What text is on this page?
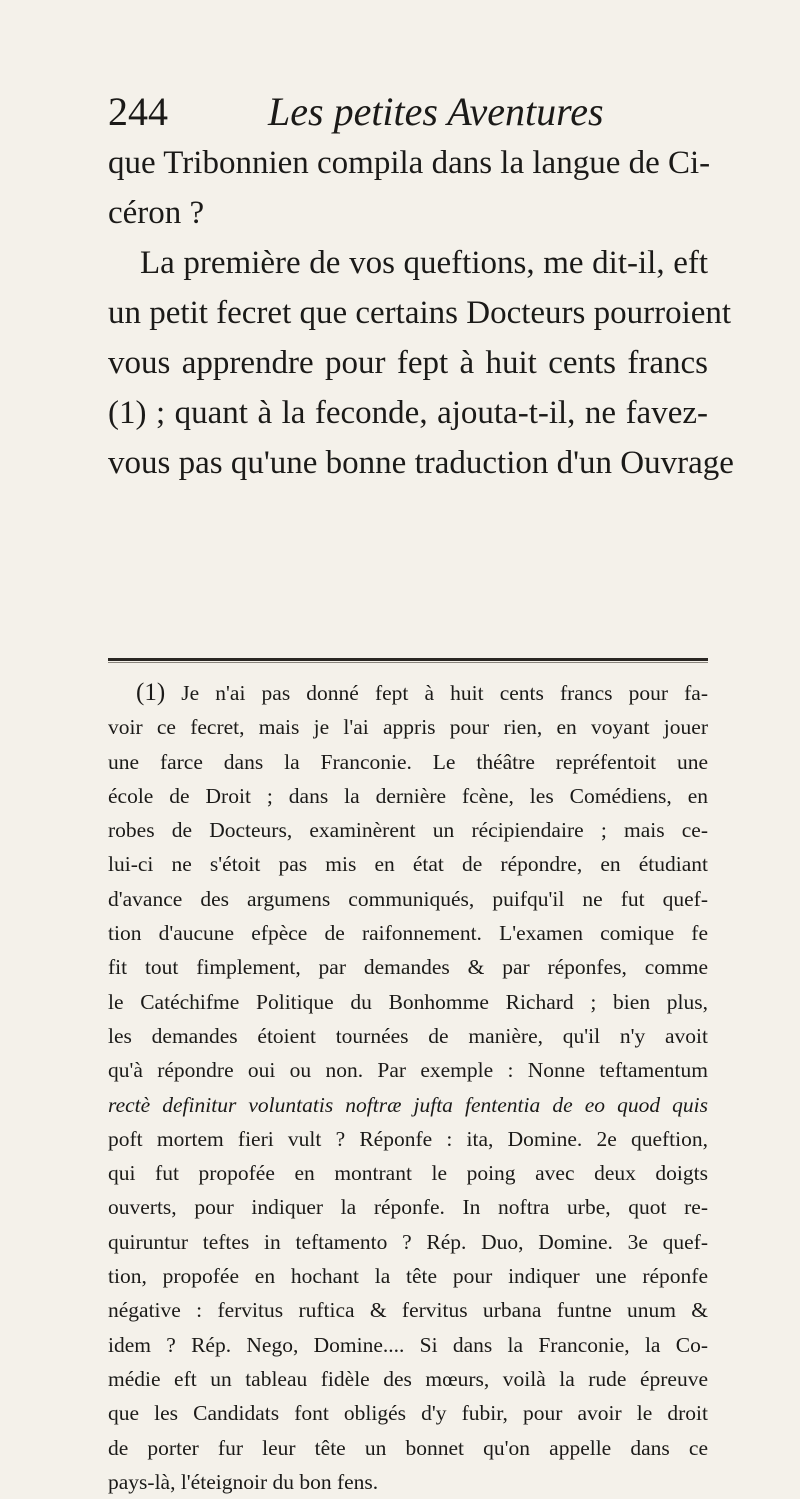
244	Les petites Aventures
que Tribonnien compila dans la langue de Ci-
céron ?
La première de vos queftions, me dit-il, eft
un petit fecret que certains Docteurs pourroient
vous apprendre pour fept à huit cents francs
(1) ; quant à la feconde, ajouta-t-il, ne favez-
vous pas qu'une bonne traduction d'un Ouvrage
(1) Je n'ai pas donné fept à huit cents francs pour fa-
voir ce fecret, mais je l'ai appris pour rien, en voyant jouer
une farce dans la Franconie. Le théâtre repréfentoit une
école de Droit ; dans la dernière fcène, les Comédiens, en
robes de Docteurs, examinèrent un récipiendaire ; mais ce-
lui-ci ne s'étoit pas mis en état de répondre, en étudiant
d'avance des argumens communiqués, puifqu'il ne fut quef-
tion d'aucune efpèce de raifonnement. L'examen comique fe
fit tout fimplement, par demandes & par réponfes, comme
le Catéchifme Politique du Bonhomme Richard ; bien plus,
les demandes étoient tournées de manière, qu'il n'y avoit
qu'à répondre oui ou non. Par exemple : Nonne teftamentum
rectè definitur voluntatis noftræ jufta fententia de eo quod quis
poft mortem fieri vult ? Réponfe : ita, Domine. 2e queftion,
qui fut propofée en montrant le poing avec deux doigts
ouverts, pour indiquer la réponfe. In noftra urbe, quot re-
quiruntur teftes in teftamento ? Rép. Duo, Domine. 3e quef-
tion, propofée en hochant la tête pour indiquer une réponfe
négative : fervitus ruftica & fervitus urbana funtne unum &
idem ? Rép. Nego, Domine.... Si dans la Franconie, la Co-
médie eft un tableau fidèle des mœurs, voilà la rude épreuve
que les Candidats font obligés d'y fubir, pour avoir le droit
de porter fur leur tête un bonnet qu'on appelle dans ce
pays-là, l'éteignoir du bon fens.
